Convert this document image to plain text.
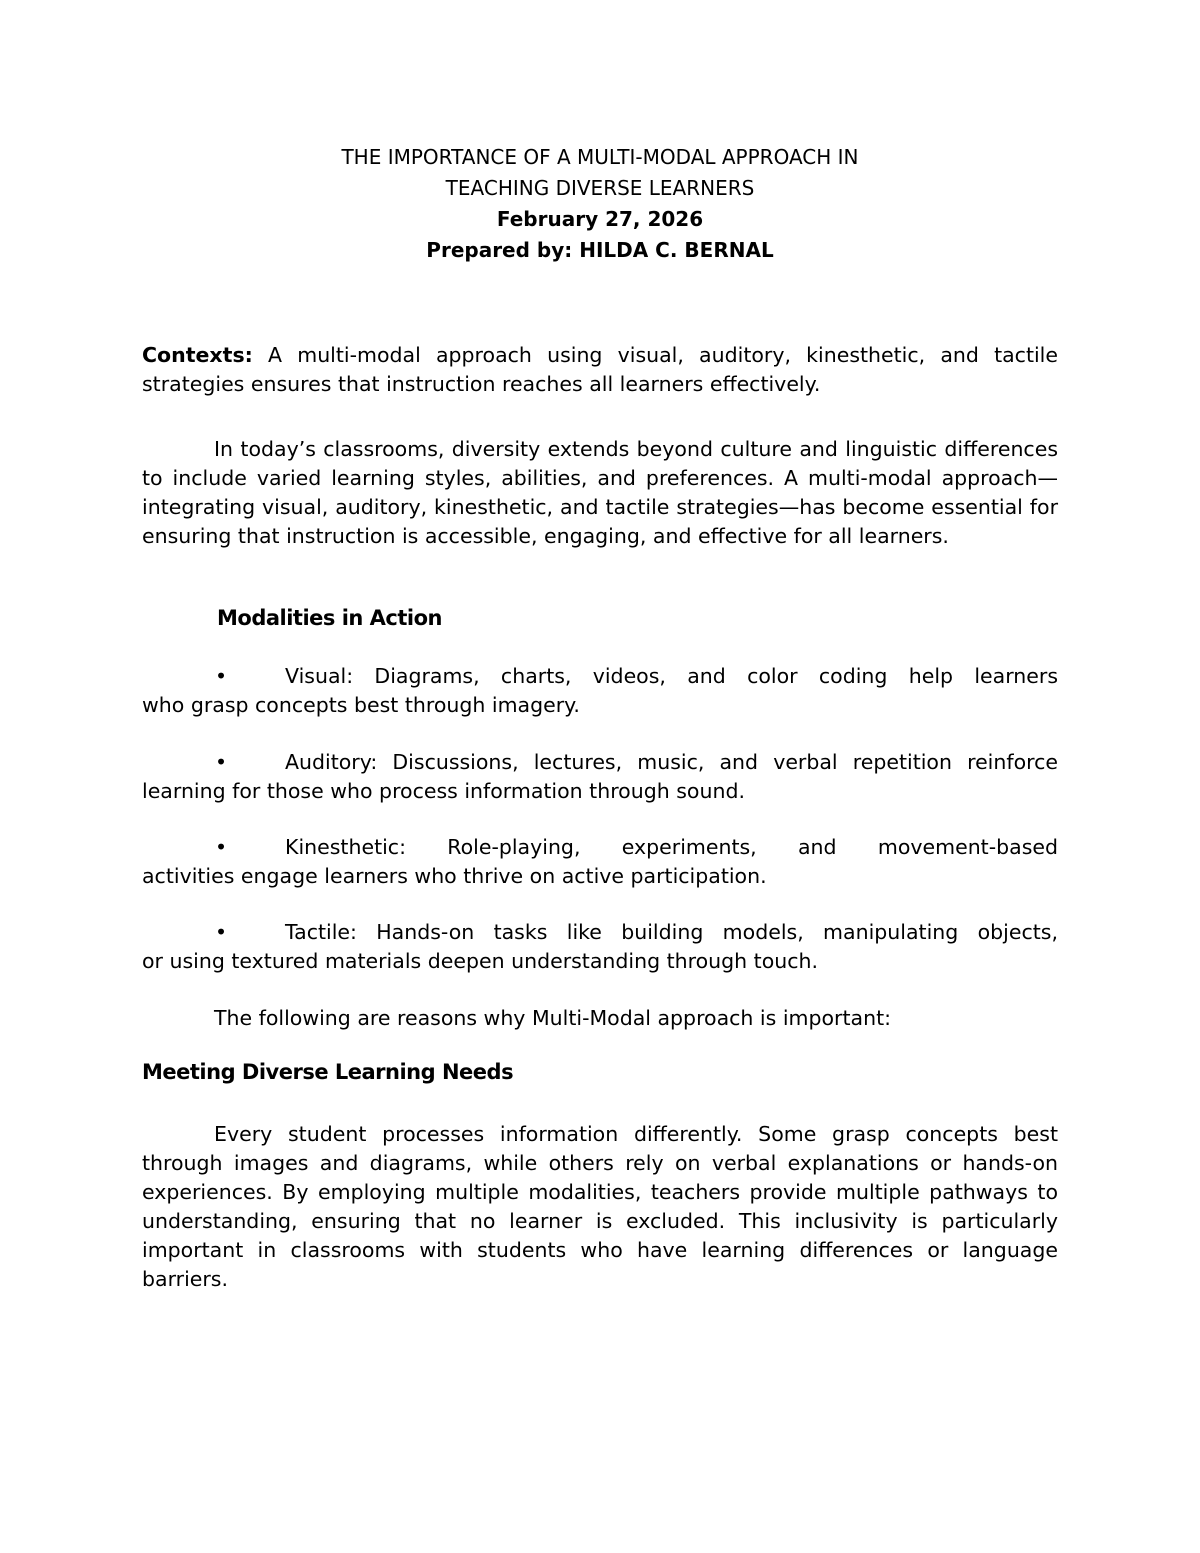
THE IMPORTANCE OF A MULTI-MODAL APPROACH IN
TEACHING DIVERSE LEARNERS
February 27, 2026
Prepared by: HILDA C. BERNAL

Contexts: A multi-modal approach using visual, auditory, kinesthetic, and tactile strategies ensures that instruction reaches all learners effectively.

In today’s classrooms, diversity extends beyond culture and linguistic differences to include varied learning styles, abilities, and preferences. A multi-modal approach—integrating visual, auditory, kinesthetic, and tactile strategies—has become essential for ensuring that instruction is accessible, engaging, and effective for all learners.

Modalities in Action
•	Visual: Diagrams, charts, videos, and color coding help learners
who grasp concepts best through imagery.
•	Auditory: Discussions, lectures, music, and verbal repetition reinforce
learning for those who process information through sound.
•	Kinesthetic: Role-playing, experiments, and movement-based
activities engage learners who thrive on active participation.
•	Tactile: Hands-on tasks like building models, manipulating objects,
or using textured materials deepen understanding through touch.

The following are reasons why Multi-Modal approach is important:

Meeting Diverse Learning Needs

Every student processes information differently. Some grasp concepts best through images and diagrams, while others rely on verbal explanations or hands-on experiences. By employing multiple modalities, teachers provide multiple pathways to understanding, ensuring that no learner is excluded. This inclusivity is particularly important in classrooms with students who have learning differences or language barriers.
